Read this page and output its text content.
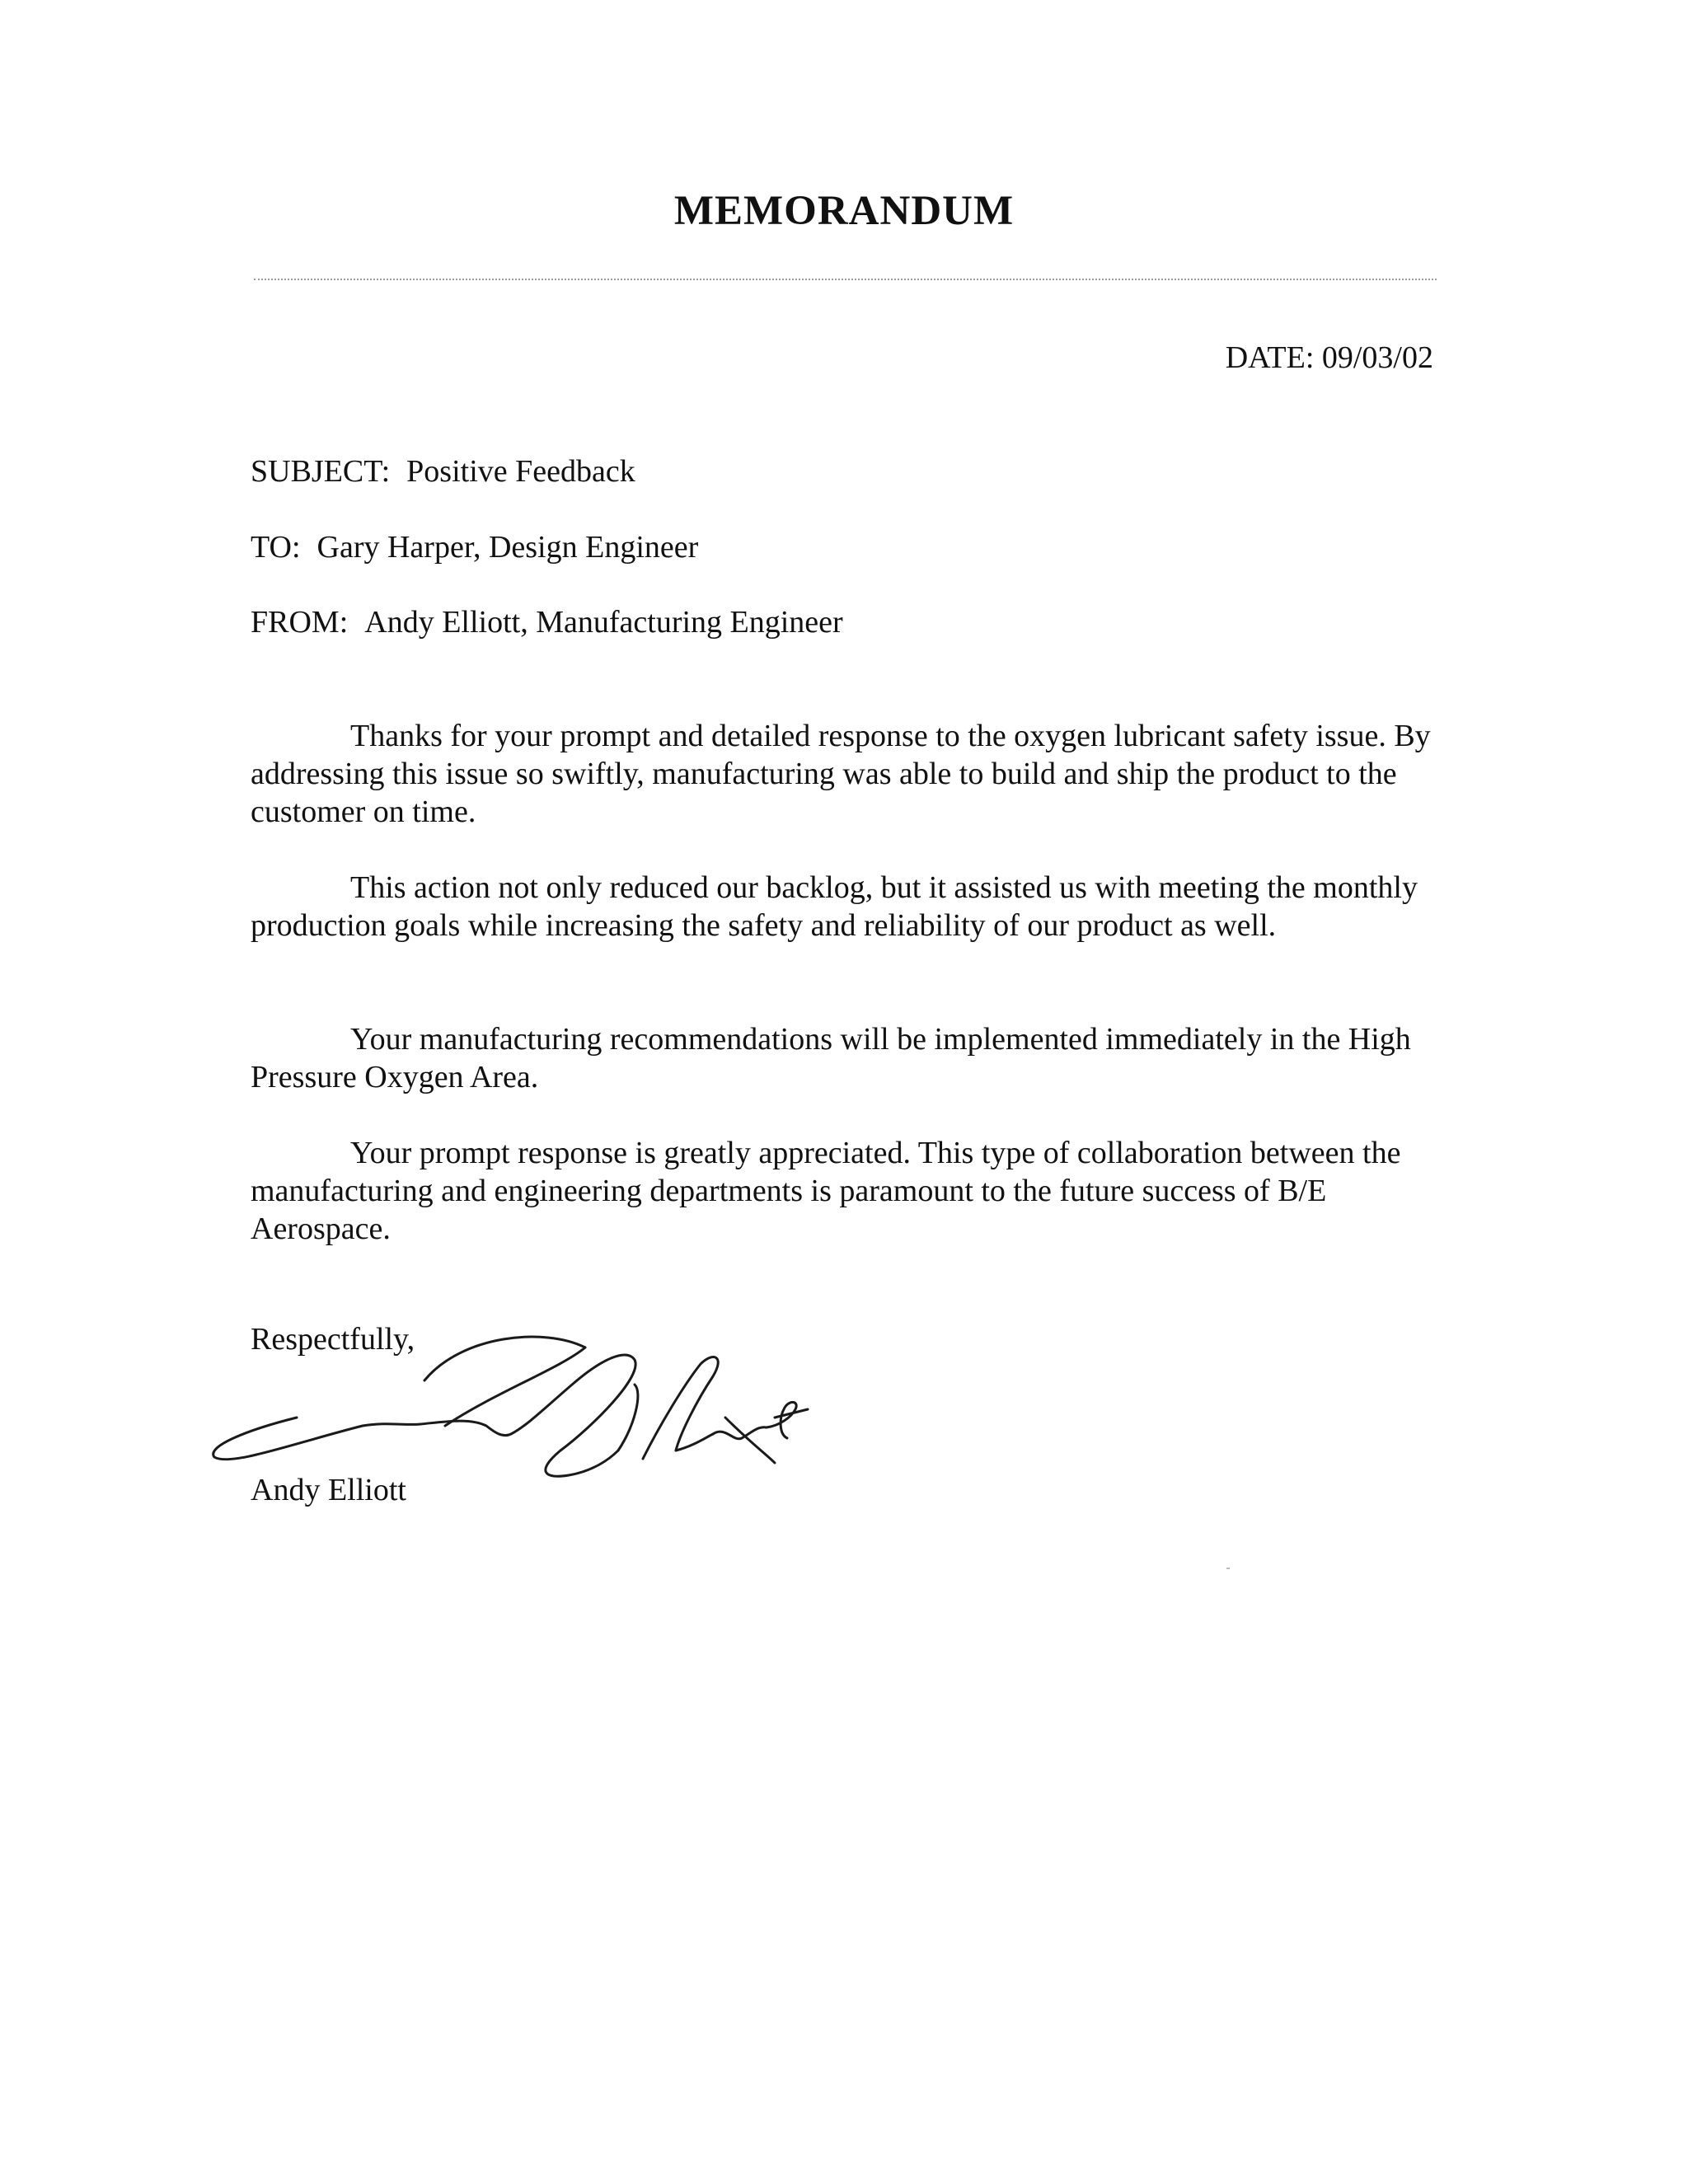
MEMORANDUM
DATE: 09/03/02
SUBJECT: Positive Feedback
TO: Gary Harper, Design Engineer
FROM: Andy Elliott, Manufacturing Engineer

Thanks for your prompt and detailed response to the oxygen lubricant safety issue. By addressing this issue so swiftly, manufacturing was able to build and ship the product to the customer on time.

This action not only reduced our backlog, but it assisted us with meeting the monthly production goals while increasing the safety and reliability of our product as well.

Your manufacturing recommendations will be implemented immediately in the High Pressure Oxygen Area.

Your prompt response is greatly appreciated. This type of collaboration between the manufacturing and engineering departments is paramount to the future success of B/E Aerospace.

Respectfully,
Andy Elliott
